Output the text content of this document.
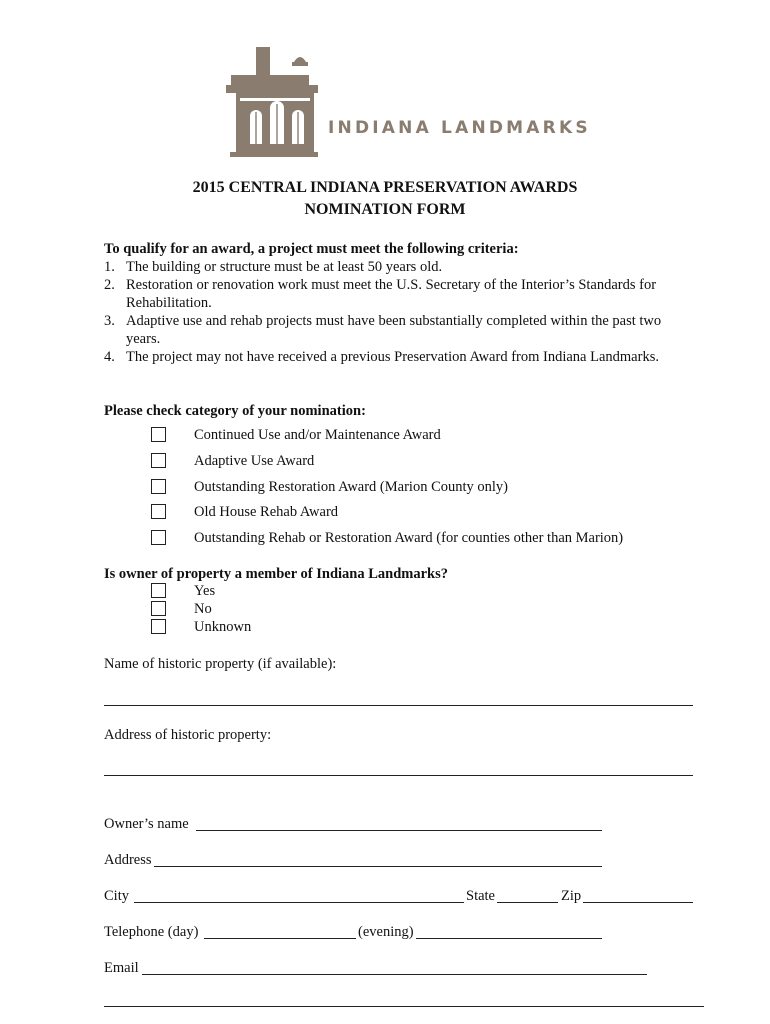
INDIANA LANDMARKS
2015 CENTRAL INDIANA PRESERVATION AWARDS
NOMINATION FORM
To qualify for an award, a project must meet the following criteria:
1. The building or structure must be at least 50 years old.
2. Restoration or renovation work must meet the U.S. Secretary of the Interior’s Standards for
Rehabilitation.
3. Adaptive use and rehab projects must have been substantially completed within the past two
years.
4. The project may not have received a previous Preservation Award from Indiana Landmarks.
Please check category of your nomination:
Continued Use and/or Maintenance Award
Adaptive Use Award
Outstanding Restoration Award (Marion County only)
Old House Rehab Award
Outstanding Rehab or Restoration Award (for counties other than Marion)
Is owner of property a member of Indiana Landmarks?
Yes
No
Unknown
Name of historic property (if available):
Address of historic property:
Owner’s name
Address
City	State	Zip
Telephone (day)	(evening)
Email
